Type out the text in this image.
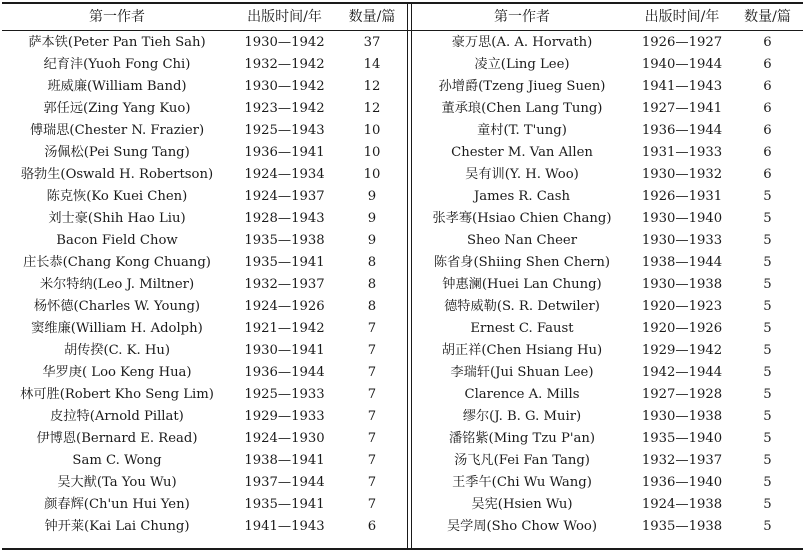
第一作者	出版时间/年	数量/篇
萨本铁(Peter Pan Tieh Sah)	1930—1942	37
纪育沣(Yuoh Fong Chi)	1932—1942	14
班威廉(William Band)	1930—1942	12
郭任远(Zing Yang Kuo)	1923—1942	12
傅瑞思(Chester N. Frazier)	1925—1943	10
汤佩松(Pei Sung Tang)	1936—1941	10
骆勃生(Oswald H. Robertson)	1924—1934	10
陈克恢(Ko Kuei Chen)	1924—1937	9
刘士豪(Shih Hao Liu)	1928—1943	9
Bacon Field Chow	1935—1938	9
庄长恭(Chang Kong Chuang)	1935—1941	8
米尔特纳(Leo J. Miltner)	1932—1937	8
杨怀德(Charles W. Young)	1924—1926	8
窦维廉(William H. Adolph)	1921—1942	7
胡传揆(C. K. Hu)	1930—1941	7
华罗庚( Loo Keng Hua)	1936—1944	7
林可胜(Robert Kho Seng Lim)	1925—1933	7
皮拉特(Arnold Pillat)	1929—1933	7
伊博恩(Bernard E. Read)	1924—1930	7
Sam C. Wong	1938—1941	7
吴大猷(Ta You Wu)	1937—1944	7
颜春辉(Ch'un Hui Yen)	1935—1941	7
钟开莱(Kai Lai Chung)	1941—1943	6
第一作者	出版时间/年	数量/篇
豪万思(A. A. Horvath)	1926—1927	6
凌立(Ling Lee)	1940—1944	6
孙增爵(Tzeng Jiueg Suen)	1941—1943	6
董承琅(Chen Lang Tung)	1927—1941	6
童村(T. T'ung)	1936—1944	6
Chester M. Van Allen	1931—1933	6
吴有训(Y. H. Woo)	1930—1932	6
James R. Cash	1926—1931	5
张孝骞(Hsiao Chien Chang)	1930—1940	5
Sheo Nan Cheer	1930—1933	5
陈省身(Shiing Shen Chern)	1938—1944	5
钟惠澜(Huei Lan Chung)	1930—1938	5
德特威勒(S. R. Detwiler)	1920—1923	5
Ernest C. Faust	1920—1926	5
胡正祥(Chen Hsiang Hu)	1929—1942	5
李瑞轩(Jui Shuan Lee)	1942—1944	5
Clarence A. Mills	1927—1928	5
缪尔(J. B. G. Muir)	1930—1938	5
潘铭紫(Ming Tzu P'an)	1935—1940	5
汤飞凡(Fei Fan Tang)	1932—1937	5
王季午(Chi Wu Wang)	1936—1940	5
吴宪(Hsien Wu)	1924—1938	5
吴学周(Sho Chow Woo)	1935—1938	5
